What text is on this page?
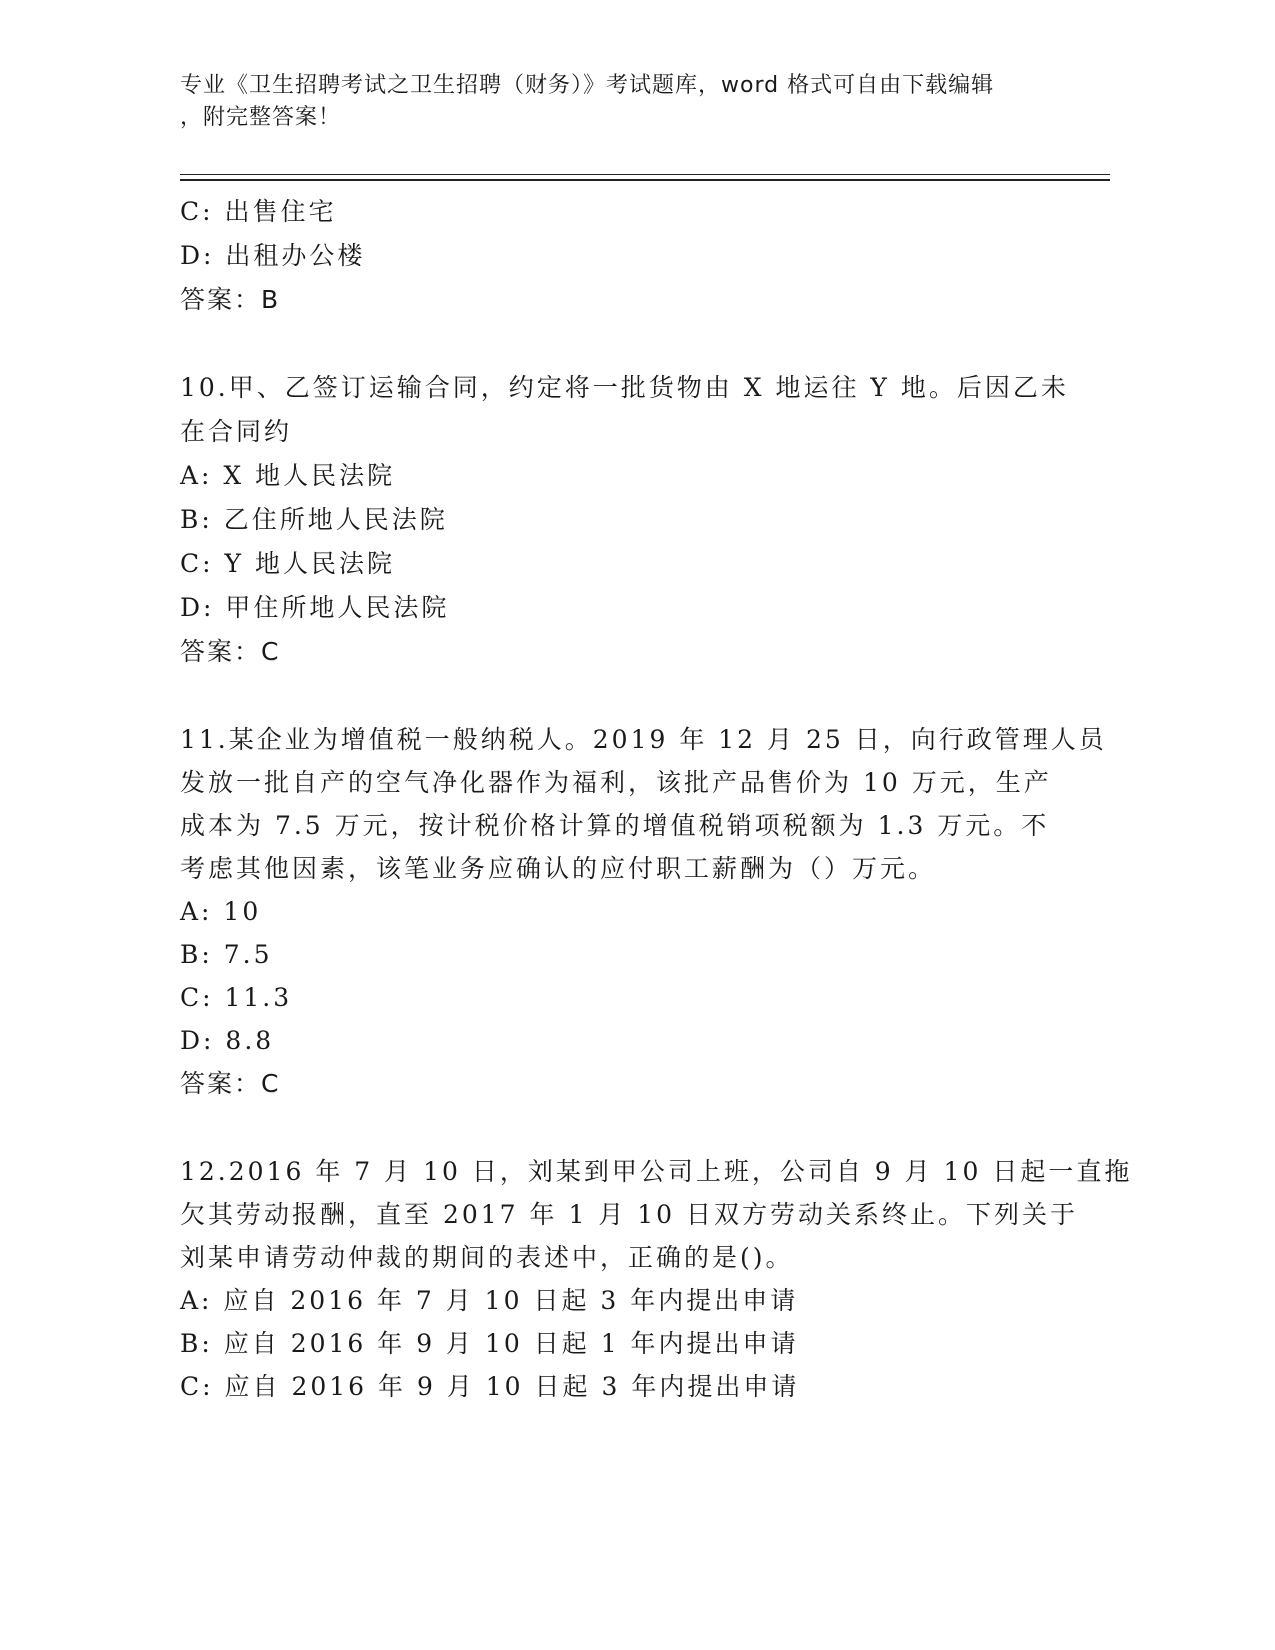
专业《卫生招聘考试之卫生招聘（财务）》考试题库，word 格式可自由下载编辑
，附完整答案！
C: 出售住宅
D: 出租办公楼
答案：B
10.甲、乙签订运输合同，约定将一批货物由 X 地运往 Y 地。后因乙未
在合同约
A: X 地人民法院
B: 乙住所地人民法院
C: Y 地人民法院
D: 甲住所地人民法院
答案：C
11.某企业为增值税一般纳税人。2019 年 12 月 25 日，向行政管理人员
发放一批自产的空气净化器作为福利，该批产品售价为 10 万元，生产
成本为 7.5 万元，按计税价格计算的增值税销项税额为 1.3 万元。不
考虑其他因素，该笔业务应确认的应付职工薪酬为（）万元。
A: 10
B: 7.5
C: 11.3
D: 8.8
答案：C
12.2016 年 7 月 10 日，刘某到甲公司上班，公司自 9 月 10 日起一直拖
欠其劳动报酬，直至 2017 年 1 月 10 日双方劳动关系终止。下列关于
刘某申请劳动仲裁的期间的表述中，正确的是()。
A: 应自 2016 年 7 月 10 日起 3 年内提出申请
B: 应自 2016 年 9 月 10 日起 1 年内提出申请
C: 应自 2016 年 9 月 10 日起 3 年内提出申请
